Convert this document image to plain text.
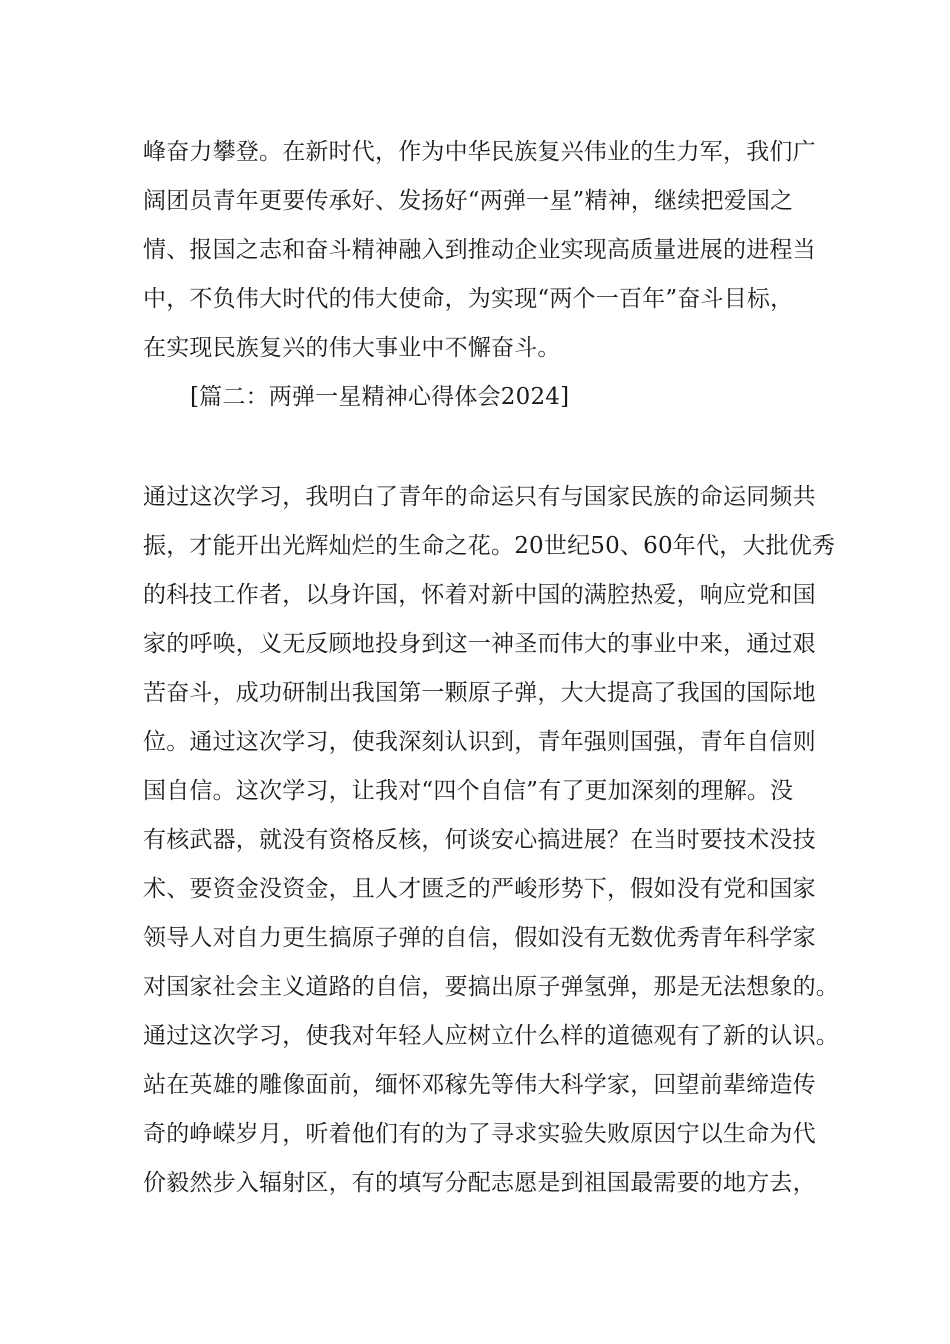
峰奋力攀登。在新时代，作为中华民族复兴伟业的生力军，我们广
阔团员青年更要传承好、发扬好“两弹一星”精神，继续把爱国之
情、报国之志和奋斗精神融入到推动企业实现高质量进展的进程当
中，不负伟大时代的伟大使命，为实现“两个一百年”奋斗目标，
在实现民族复兴的伟大事业中不懈奋斗。
[篇二：两弹一星精神心得体会2024]
通过这次学习，我明白了青年的命运只有与国家民族的命运同频共
振，才能开出光辉灿烂的生命之花。20世纪50、60年代，大批优秀
的科技工作者，以身许国，怀着对新中国的满腔热爱，响应党和国
家的呼唤，义无反顾地投身到这一神圣而伟大的事业中来，通过艰
苦奋斗，成功研制出我国第一颗原子弹，大大提高了我国的国际地
位。通过这次学习，使我深刻认识到，青年强则国强，青年自信则
国自信。这次学习，让我对“四个自信”有了更加深刻的理解。没
有核武器，就没有资格反核，何谈安心搞进展？在当时要技术没技
术、要资金没资金，且人才匮乏的严峻形势下，假如没有党和国家
领导人对自力更生搞原子弹的自信，假如没有无数优秀青年科学家
对国家社会主义道路的自信，要搞出原子弹氢弹，那是无法想象的。
通过这次学习，使我对年轻人应树立什么样的道德观有了新的认识。
站在英雄的雕像面前，缅怀邓稼先等伟大科学家，回望前辈缔造传
奇的峥嵘岁月，听着他们有的为了寻求实验失败原因宁以生命为代
价毅然步入辐射区，有的填写分配志愿是到祖国最需要的地方去，
